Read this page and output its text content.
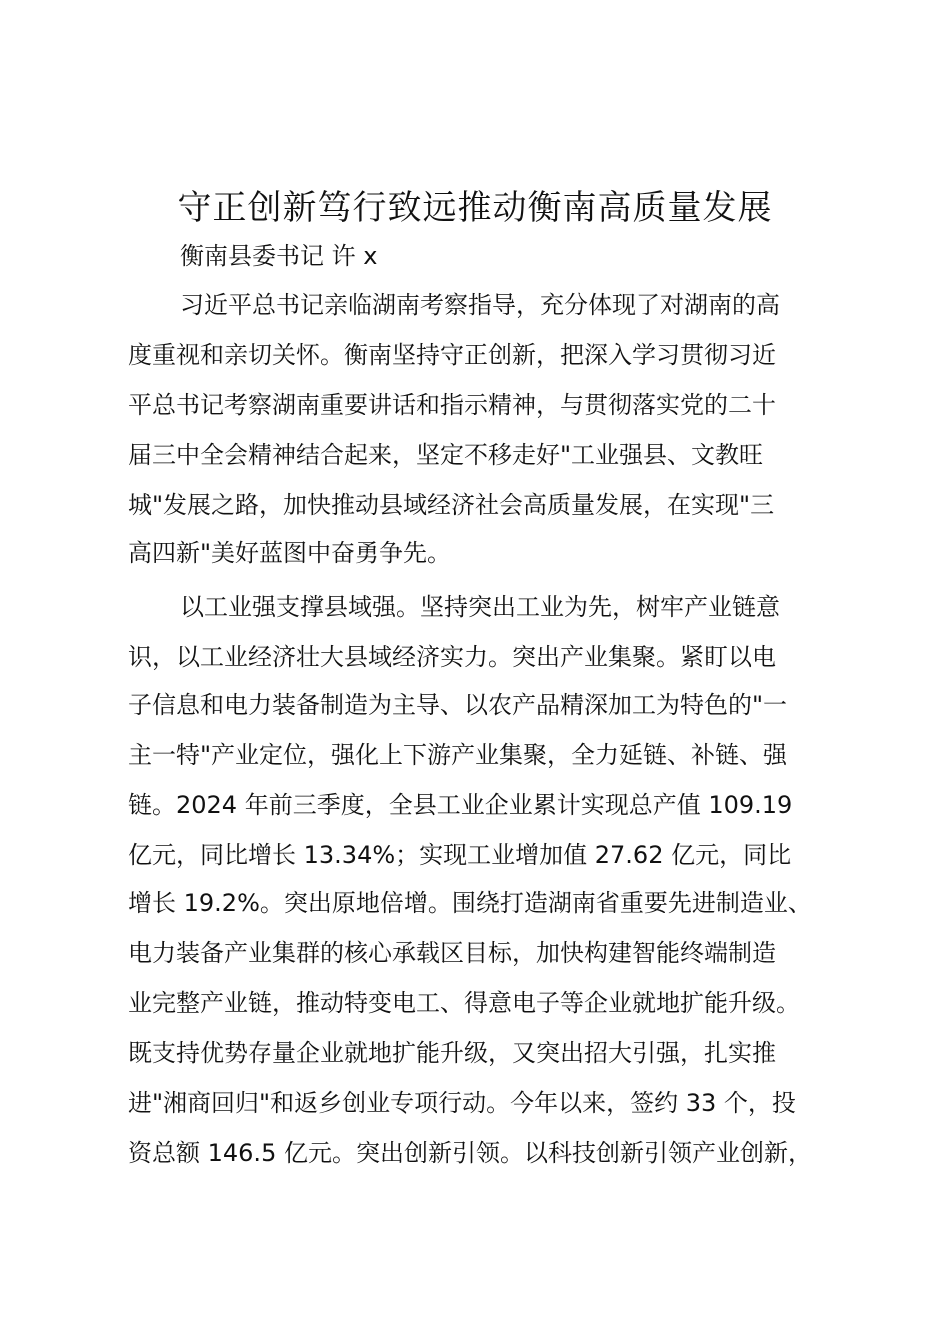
守正创新笃行致远推动衡南高质量发展
衡南县委书记 许 x
习近平总书记亲临湖南考察指导，充分体现了对湖南的高
度重视和亲切关怀。衡南坚持守正创新，把深入学习贯彻习近
平总书记考察湖南重要讲话和指示精神，与贯彻落实党的二十
届三中全会精神结合起来，坚定不移走好"工业强县、文教旺
城"发展之路，加快推动县域经济社会高质量发展，在实现"三
高四新"美好蓝图中奋勇争先。
以工业强支撑县域强。坚持突出工业为先，树牢产业链意
识，以工业经济壮大县域经济实力。突出产业集聚。紧盯以电
子信息和电力装备制造为主导、以农产品精深加工为特色的"一
主一特"产业定位，强化上下游产业集聚，全力延链、补链、强
链。2024 年前三季度，全县工业企业累计实现总产值 109.19
亿元，同比增长 13.34%；实现工业增加值 27.62 亿元，同比
增长 19.2%。突出原地倍增。围绕打造湖南省重要先进制造业、
电力装备产业集群的核心承载区目标，加快构建智能终端制造
业完整产业链，推动特变电工、得意电子等企业就地扩能升级。
既支持优势存量企业就地扩能升级，又突出招大引强，扎实推
进"湘商回归"和返乡创业专项行动。今年以来，签约 33 个，投
资总额 146.5 亿元。突出创新引领。以科技创新引领产业创新，
